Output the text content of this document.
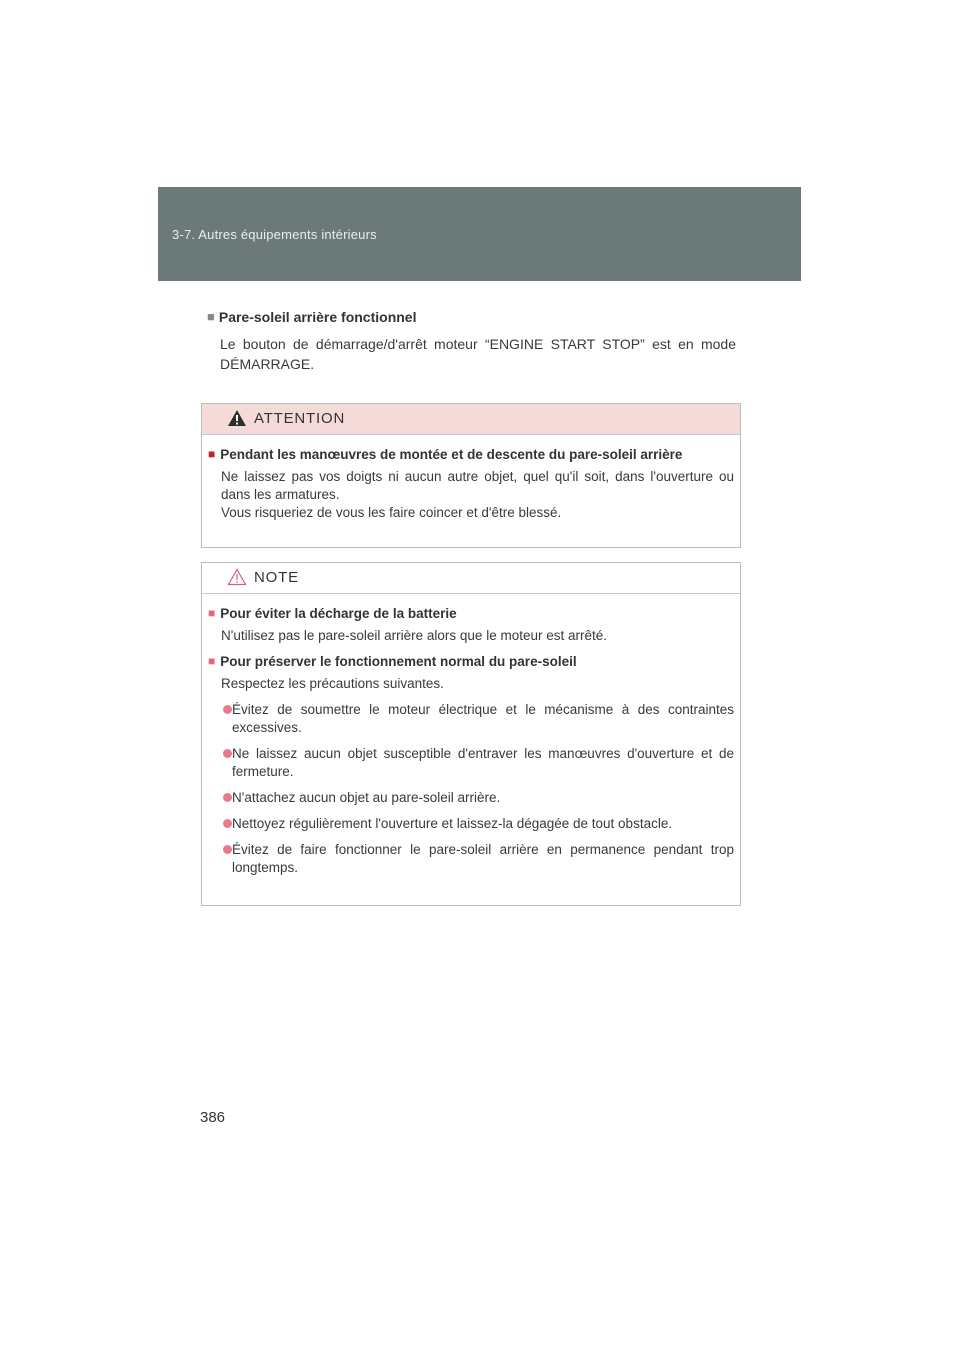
3-7. Autres équipements intérieurs
■ Pare-soleil arrière fonctionnel
Le bouton de démarrage/d'arrêt moteur “ENGINE START STOP” est en mode DÉMARRAGE.
ATTENTION
■ Pendant les manœuvres de montée et de descente du pare-soleil arrière
Ne laissez pas vos doigts ni aucun autre objet, quel qu'il soit, dans l'ouverture ou dans les armatures.
Vous risqueriez de vous les faire coincer et d'être blessé.
NOTE
■ Pour éviter la décharge de la batterie
N'utilisez pas le pare-soleil arrière alors que le moteur est arrêté.
■ Pour préserver le fonctionnement normal du pare-soleil
Respectez les précautions suivantes.
Évitez de soumettre le moteur électrique et le mécanisme à des contraintes excessives.
Ne laissez aucun objet susceptible d'entraver les manœuvres d'ouverture et de fermeture.
N'attachez aucun objet au pare-soleil arrière.
Nettoyez régulièrement l'ouverture et laissez-la dégagée de tout obstacle.
Évitez de faire fonctionner le pare-soleil arrière en permanence pendant trop longtemps.
386
